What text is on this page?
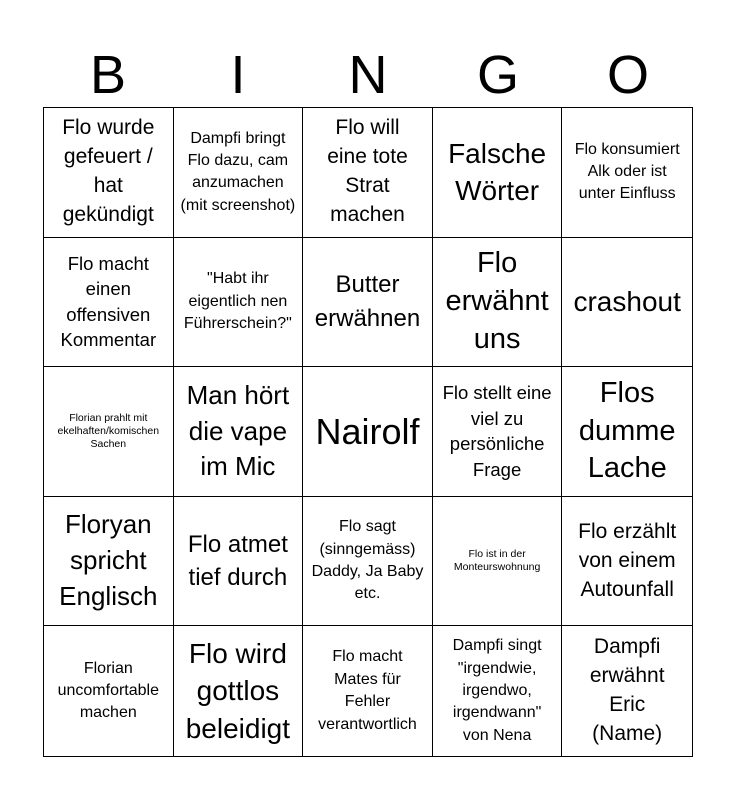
B	I	N	G	O
Flo wurde gefeuert / hat gekündigt
Dampfi bringt Flo dazu, cam anzumachen (mit screenshot)
Flo will eine tote Strat machen
Falsche Wörter
Flo konsumiert Alk oder ist unter Einfluss
Flo macht einen offensiven Kommentar
"Habt ihr eigentlich nen Führerschein?"
Butter erwähnen
Flo erwähnt uns
crashout
Florian prahlt mit ekelhaften/komischen Sachen
Man hört die vape im Mic
Nairolf
Flo stellt eine viel zu persönliche Frage
Flos dumme Lache
Floryan spricht Englisch
Flo atmet tief durch
Flo sagt (sinngemäss) Daddy, Ja Baby etc.
Flo ist in der Monteurswohnung
Flo erzählt von einem Autounfall
Florian uncomfortable machen
Flo wird gottlos beleidigt
Flo macht Mates für Fehler verantwortlich
Dampfi singt "irgendwie, irgendwo, irgendwann" von Nena
Dampfi erwähnt Eric (Name)
